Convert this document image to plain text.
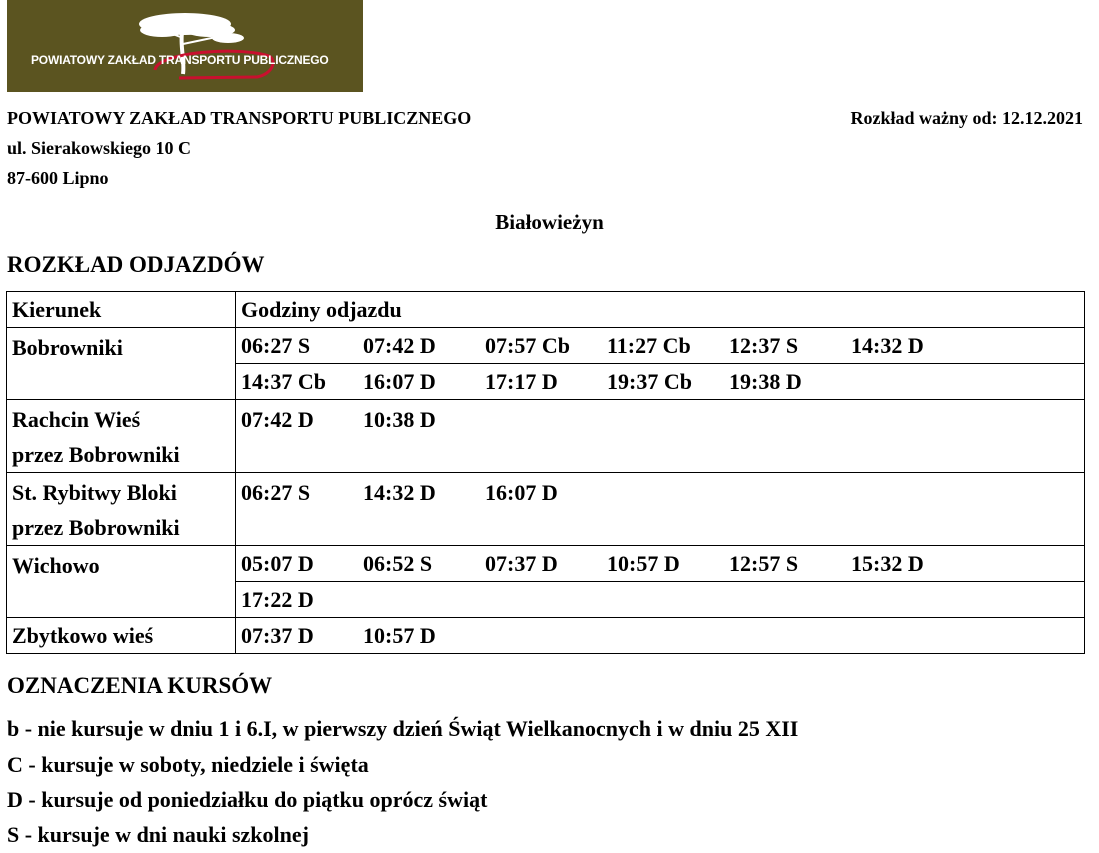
POWIATOWY ZAKŁAD TRANSPORTU PUBLICZNEGO
POWIATOWY ZAKŁAD TRANSPORTU PUBLICZNEGO
ul. Sierakowskiego 10 C
87-600 Lipno
Rozkład ważny od: 12.12.2021
Białowieżyn
ROZKŁAD ODJAZDÓW
Kierunek	Godziny odjazdu

Bobrowniki	06:27 S 07:42 D 07:57 Cb 11:27 Cb 12:37 S 14:32 D
	14:37 Cb 16:07 D 17:17 D 19:37 Cb 19:38 D

Rachcin Wieś
przez Bobrowniki	07:42 D 10:38 D

St. Rybitwy Bloki
przez Bobrowniki	06:27 S 14:32 D 16:07 D

Wichowo	05:07 D 06:52 S 07:37 D 10:57 D 12:57 S 15:32 D
	17:22 D
Zbytkowo wieś	07:37 D 10:57 D
OZNACZENIA KURSÓW
b - nie kursuje w dniu 1 i 6.I, w pierwszy dzień Świąt Wielkanocnych i w dniu 25 XII
C - kursuje w soboty, niedziele i święta
D - kursuje od poniedziałku do piątku oprócz świąt
S - kursuje w dni nauki szkolnej
